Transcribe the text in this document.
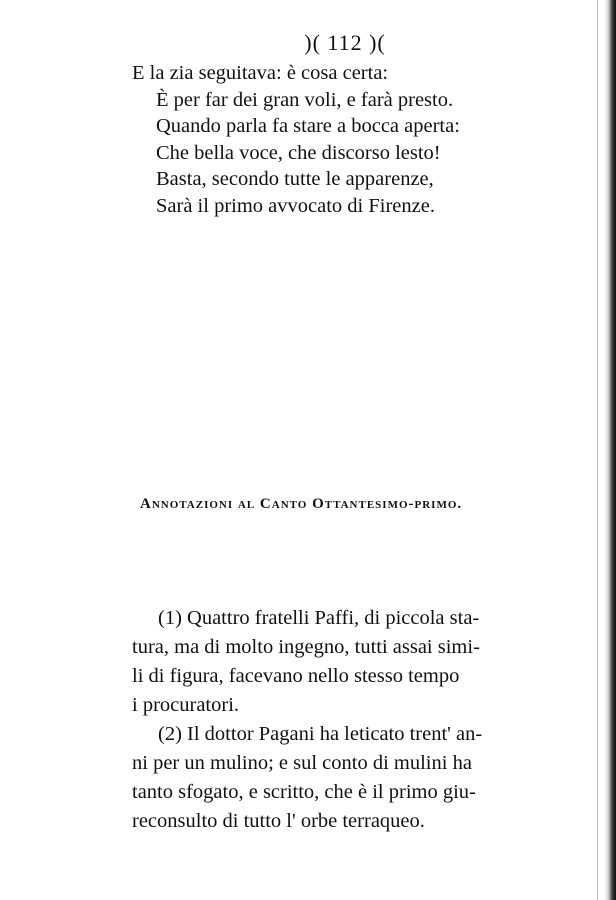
)( 112 )(
E la zia seguitava: è cosa certa:
È per far dei gran voli, e farà presto.
Quando parla fa stare a bocca aperta:
Che bella voce, che discorso lesto!
Basta, secondo tutte le apparenze,
Sarà il primo avvocato di Firenze.
Annotazioni al Canto Ottantesimo-primo.
(1) Quattro fratelli Paffi, di piccola sta-
tura, ma di molto ingegno, tutti assai simi-
li di figura, facevano nello stesso tempo
i procuratori.
(2) Il dottor Pagani ha leticato trent' an-
ni per un mulino; e sul conto di mulini ha
tanto sfogato, e scritto, che è il primo giu-
reconsulto di tutto l' orbe terraqueo.
